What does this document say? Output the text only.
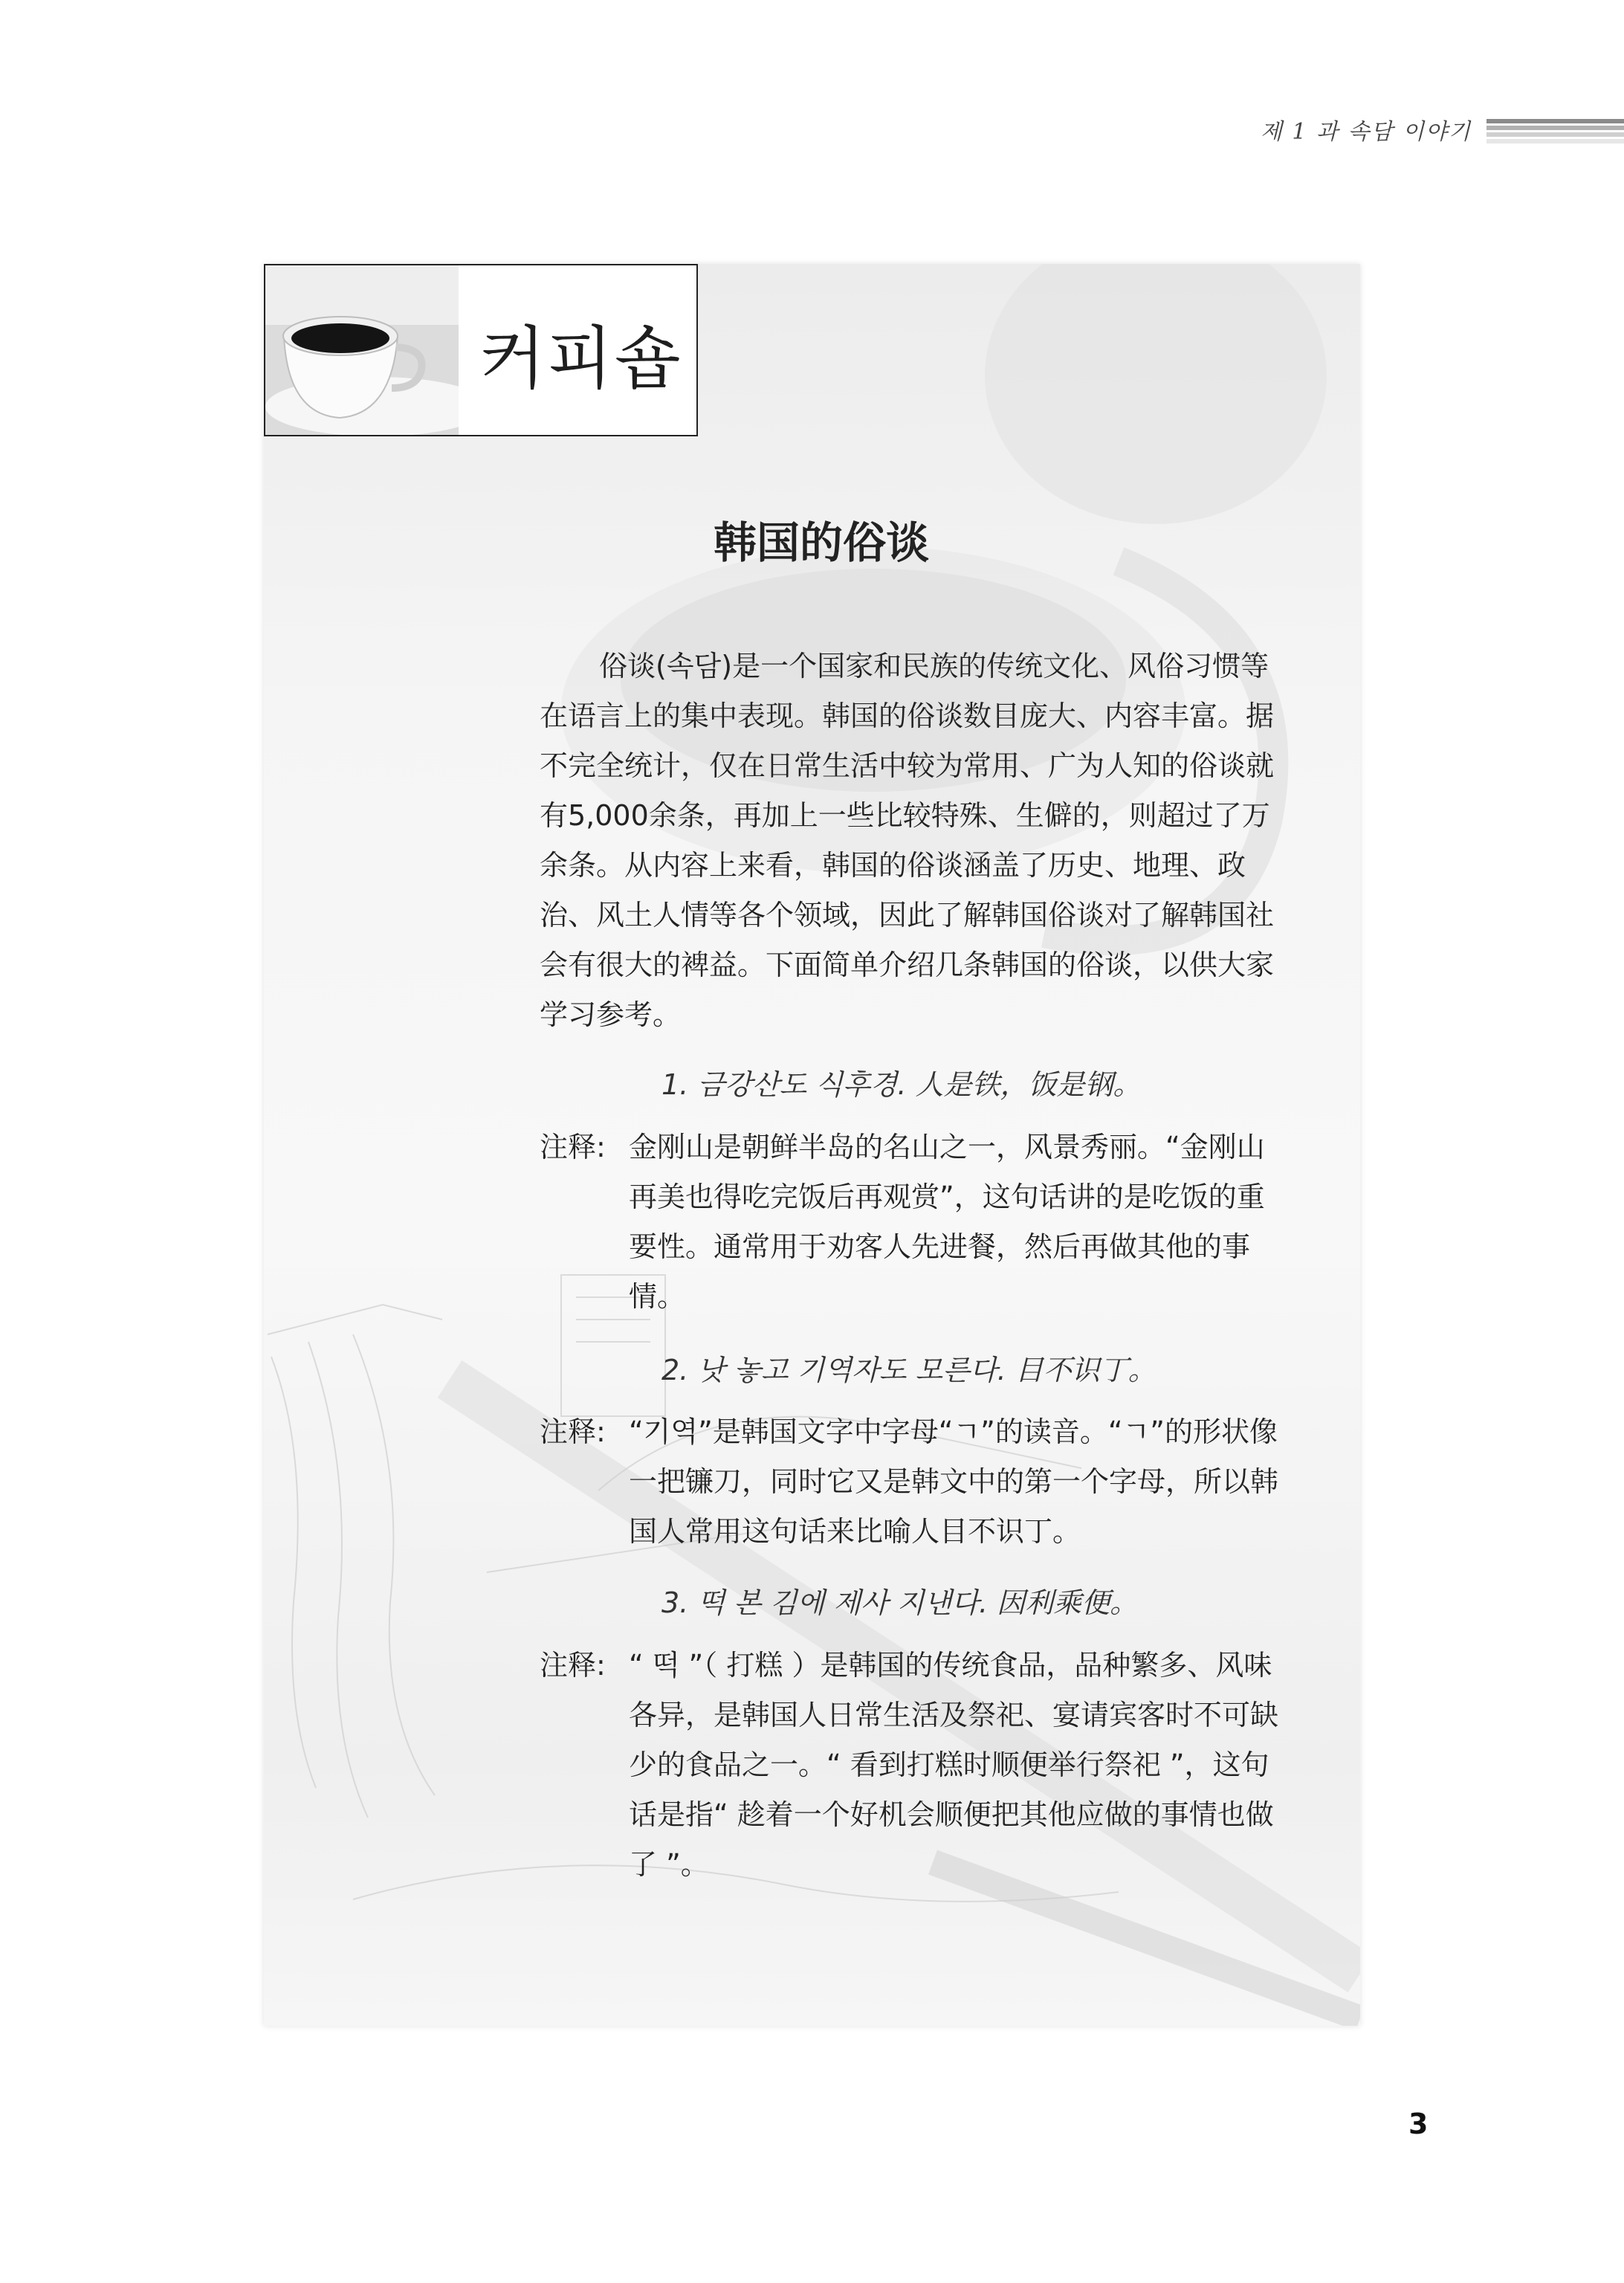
제 1 과 속담 이야기
커피숍
韩国的俗谈
俗谈(속담)是一个国家和民族的传统文化、风俗习惯等在语言上的集中表现。韩国的俗谈数目庞大、内容丰富。据不完全统计，仅在日常生活中较为常用、广为人知的俗谈就有5,000余条，再加上一些比较特殊、生僻的，则超过了万余条。从内容上来看，韩国的俗谈涵盖了历史、地理、政治、风土人情等各个领域，因此了解韩国俗谈对了解韩国社会有很大的裨益。下面简单介绍几条韩国的俗谈，以供大家学习参考。
1. 금강산도 식후경. 人是铁，饭是钢。
注释: 金刚山是朝鲜半岛的名山之一，风景秀丽。“金刚山再美也得吃完饭后再观赏”，这句话讲的是吃饭的重要性。通常用于劝客人先进餐，然后再做其他的事情。
2. 낫 놓고 기역자도 모른다. 目不识丁。
注释: “기역”是韩国文字中字母“ㄱ”的读音。“ㄱ”的形状像一把镰刀，同时它又是韩文中的第一个字母，所以韩国人常用这句话来比喻人目不识丁。
3. 떡 본 김에 제사 지낸다. 因利乘便。
注释: “ 떡 ”（ 打糕 ）是韩国的传统食品，品种繁多、风味各异，是韩国人日常生活及祭祀、宴请宾客时不可缺少的食品之一。“ 看到打糕时顺便举行祭祀 ”，这句话是指“ 趁着一个好机会顺便把其他应做的事情也做了 ”。
3
